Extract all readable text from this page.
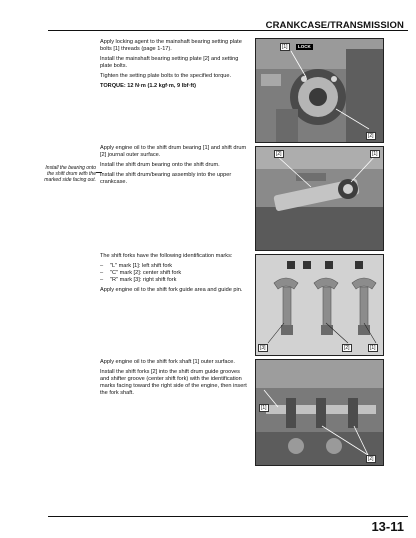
CRANKCASE/TRANSMISSION

Apply locking agent to the mainshaft bearing setting plate bolts [1] threads (page 1-17).

Install the mainshaft bearing setting plate [2] and setting plate bolts.

Tighten the setting plate bolts to the specified torque.

TORQUE: 12 N·m (1.2 kgf·m, 9 lbf·ft)

[1]	LOCK
[2]
Install the bearing onto the shift drum with the marked side facing out.

Apply engine oil to the shift drum bearing [1] and shift drum [2] journal outer surface.

Install the shift drum bearing onto the shift drum.

Install the shift drum/bearing assembly into the upper crankcase.

[2]	[1]

The shift forks have the following identification marks:

– "L" mark [1]: left shift fork
– "C" mark [2]: center shift fork
– "R" mark [3]: right shift fork

Apply engine oil to the shift fork guide area and guide pin.

[3]	[2]	[1]

Apply engine oil to the shift fork shaft [1] outer surface.

Install the shift forks [2] into the shift drum guide grooves and shifter groove (center shift fork) with the identification marks facing toward the right side of the engine, then insert the fork shaft.

[1]
[2]
13-11
